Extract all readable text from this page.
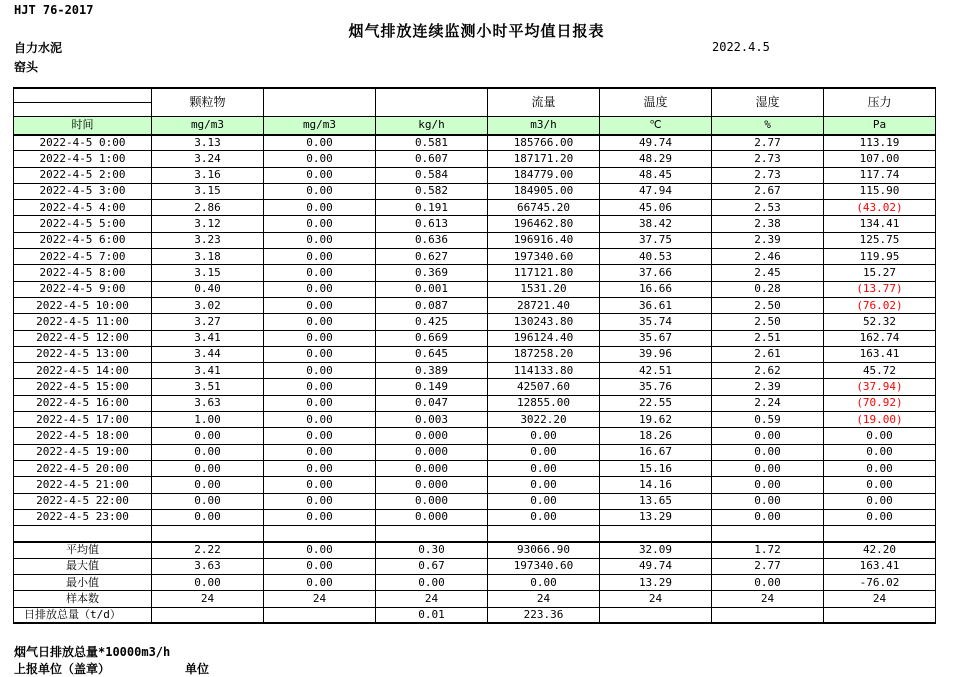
HJT 76-2017
烟气排放连续监测小时平均值日报表
2022.4.5
自力水泥
窑头
	颗粒物			流量	温度	湿度	压力
时间	mg/m3	mg/m3	kg/h	m3/h	℃	%	Pa
2022-4-5 0:00	3.13	0.00	0.581	185766.00	49.74	2.77	113.19
2022-4-5 1:00	3.24	0.00	0.607	187171.20	48.29	2.73	107.00
2022-4-5 2:00	3.16	0.00	0.584	184779.00	48.45	2.73	117.74
2022-4-5 3:00	3.15	0.00	0.582	184905.00	47.94	2.67	115.90
2022-4-5 4:00	2.86	0.00	0.191	66745.20	45.06	2.53	(43.02)
2022-4-5 5:00	3.12	0.00	0.613	196462.80	38.42	2.38	134.41
2022-4-5 6:00	3.23	0.00	0.636	196916.40	37.75	2.39	125.75
2022-4-5 7:00	3.18	0.00	0.627	197340.60	40.53	2.46	119.95
2022-4-5 8:00	3.15	0.00	0.369	117121.80	37.66	2.45	15.27
2022-4-5 9:00	0.40	0.00	0.001	1531.20	16.66	0.28	(13.77)
2022-4-5 10:00	3.02	0.00	0.087	28721.40	36.61	2.50	(76.02)
2022-4-5 11:00	3.27	0.00	0.425	130243.80	35.74	2.50	52.32
2022-4-5 12:00	3.41	0.00	0.669	196124.40	35.67	2.51	162.74
2022-4-5 13:00	3.44	0.00	0.645	187258.20	39.96	2.61	163.41
2022-4-5 14:00	3.41	0.00	0.389	114133.80	42.51	2.62	45.72
2022-4-5 15:00	3.51	0.00	0.149	42507.60	35.76	2.39	(37.94)
2022-4-5 16:00	3.63	0.00	0.047	12855.00	22.55	2.24	(70.92)
2022-4-5 17:00	1.00	0.00	0.003	3022.20	19.62	0.59	(19.00)
2022-4-5 18:00	0.00	0.00	0.000	0.00	18.26	0.00	0.00
2022-4-5 19:00	0.00	0.00	0.000	0.00	16.67	0.00	0.00
2022-4-5 20:00	0.00	0.00	0.000	0.00	15.16	0.00	0.00
2022-4-5 21:00	0.00	0.00	0.000	0.00	14.16	0.00	0.00
2022-4-5 22:00	0.00	0.00	0.000	0.00	13.65	0.00	0.00
2022-4-5 23:00	0.00	0.00	0.000	0.00	13.29	0.00	0.00

平均值	2.22	0.00	0.30	93066.90	32.09	1.72	42.20
最大值	3.63	0.00	0.67	197340.60	49.74	2.77	163.41
最小值	0.00	0.00	0.00	0.00	13.29	0.00	-76.02
样本数	24	24	24	24	24	24	24
日排放总量（t/d）			0.01	223.36			
烟气日排放总量*10000m3/h
上报单位（盖章）	单位
